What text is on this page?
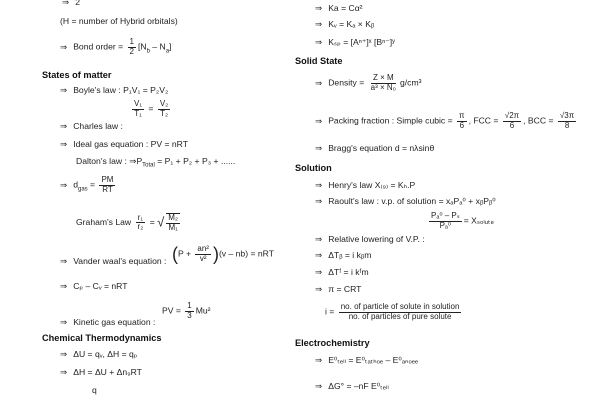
⇒ 2
(H = number of Hybrid orbitals)
⇒ Bond order = $\frac{1}{2} [N_b - N_a]$
States of matter
⇒ Boyle's law : P₁V₁ = P₂V₂
$\frac{\text{V₁}}{\text{T₁}} = \frac{\text{V₂}}{\text{T₂}}$
⇒ Charles law :
⇒ Ideal gas equation : PV = nRT
Dalton's law : $\Rightarrow P_{Total} = P_1 + P_2 + P_3$ + ......
⇒ $d_{gas} = \frac{PM}{RT}$
Graham's Law $\frac{\text{r₁}}{\text{r₂}}$ = √ $\frac{\text{M₂}}{\text{M₁}}$
⇒ Vander waal's equation : $(P + \frac{\text{an²}}{\text{v²}} )(v - nb)$ = nRT
⇒ Cₚ – Cᵥ = nRT
PV = $\frac{1}{3} Mu^2$
⇒ Kinetic gas equation :
Chemical Thermodynamics
⇒ ΔU = qᵥ, ΔH = qₚ
⇒ ΔH = ΔU + Δn₉RT
q
⇒ Ka = Cα²
⇒ Kᵥ = Kₐ × Kᵦ
⇒ Kₛₚ = [Aⁿ⁺]ˣ [Bⁿ⁻]ʸ
Solid State
⇒ Density = $\frac{Z \times M}{\text{a³ × N₀}} g/cm^3$
⇒ Packing fraction : Simple cubic = $\frac{\pi}{6}$ , FCC = $\frac{√2\pi}{6}$ , BCC = $\frac{√3\pi}{8}$
⇒ Bragg's equation d = nλsinθ
Solution
⇒ Henry's law X₍₉₎ = Kₕ.P
⇒ Raoult's law : v.p. of solution = xₐPₐ⁰ + xᵦPᵦ⁰
$\frac{\text{Pₐ⁰ – Pₛ}}{\text{Pₐ⁰}}$ = Xₛₒₗᵤₜₑ
⇒ Relative lowering of V.P. :
⇒ ΔTᵦ = i kᵦm
⇒ ΔTᶠ = i kᶠm
⇒ π = CRT
$i = \frac{\text{no. of particle of solute in solution}}{\text{no. of particles of pure solute}}$
Electrochemistry
⇒ E⁰ₜₑₗₗ = E⁰ₜₐₜₕₒₑ – E⁰ₐₙₒₑₑ
⇒ ΔG° = –nF E⁰ₜₑₗₗ
